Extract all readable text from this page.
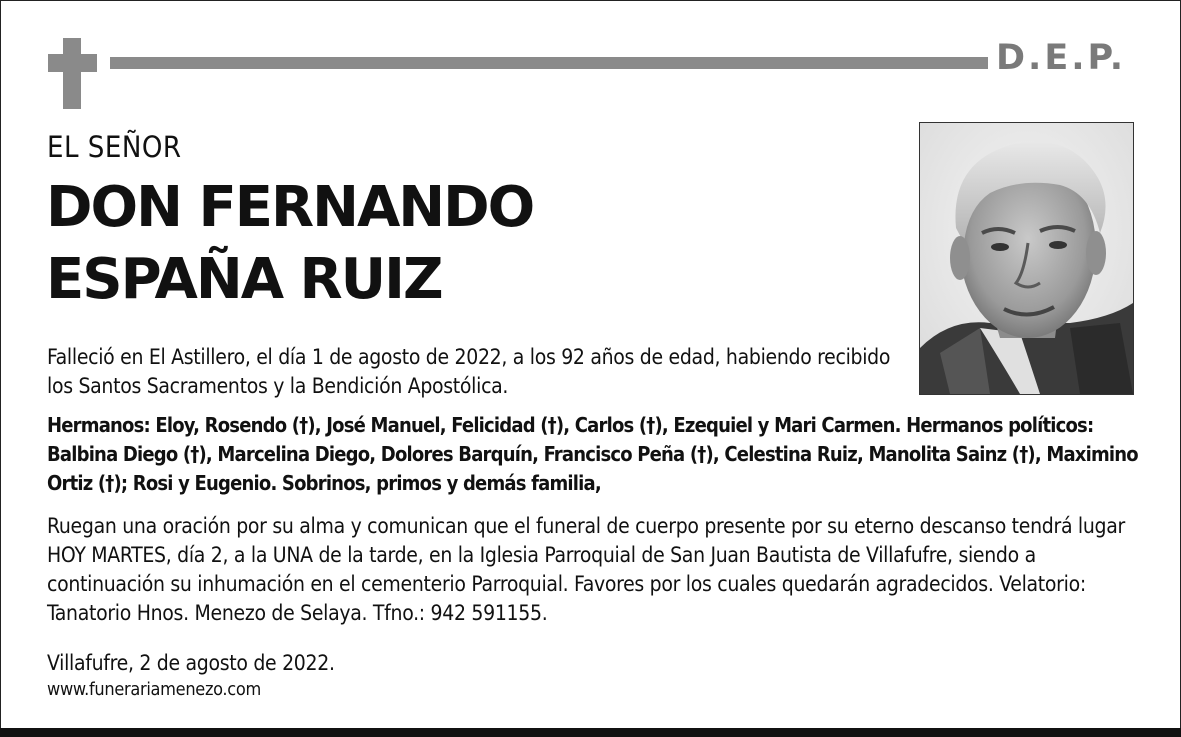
D.E.P.
EL SEÑOR
DON FERNANDO
ESPAÑA RUIZ
Falleció en El Astillero, el día 1 de agosto de 2022, a los 92 años de edad, habiendo recibido los Santos Sacramentos y la Bendición Apostólica.
Hermanos: Eloy, Rosendo (†), José Manuel, Felicidad (†), Carlos (†), Ezequiel y Mari Carmen. Hermanos políticos: Balbina Diego (†), Marcelina Diego, Dolores Barquín, Francisco Peña (†), Celestina Ruiz, Manolita Sainz (†), Maximino Ortiz (†); Rosi y Eugenio. Sobrinos, primos y demás familia,
Ruegan una oración por su alma y comunican que el funeral de cuerpo presente por su eterno descanso tendrá lugar HOY MARTES, día 2, a la UNA de la tarde, en la Iglesia Parroquial de San Juan Bautista de Villafufre, siendo a continuación su inhumación en el cementerio Parroquial. Favores por los cuales quedarán agradecidos. Velatorio: Tanatorio Hnos. Menezo de Selaya. Tfno.: 942 591155.
Villafufre, 2 de agosto de 2022.
www.funerariamenezo.com
